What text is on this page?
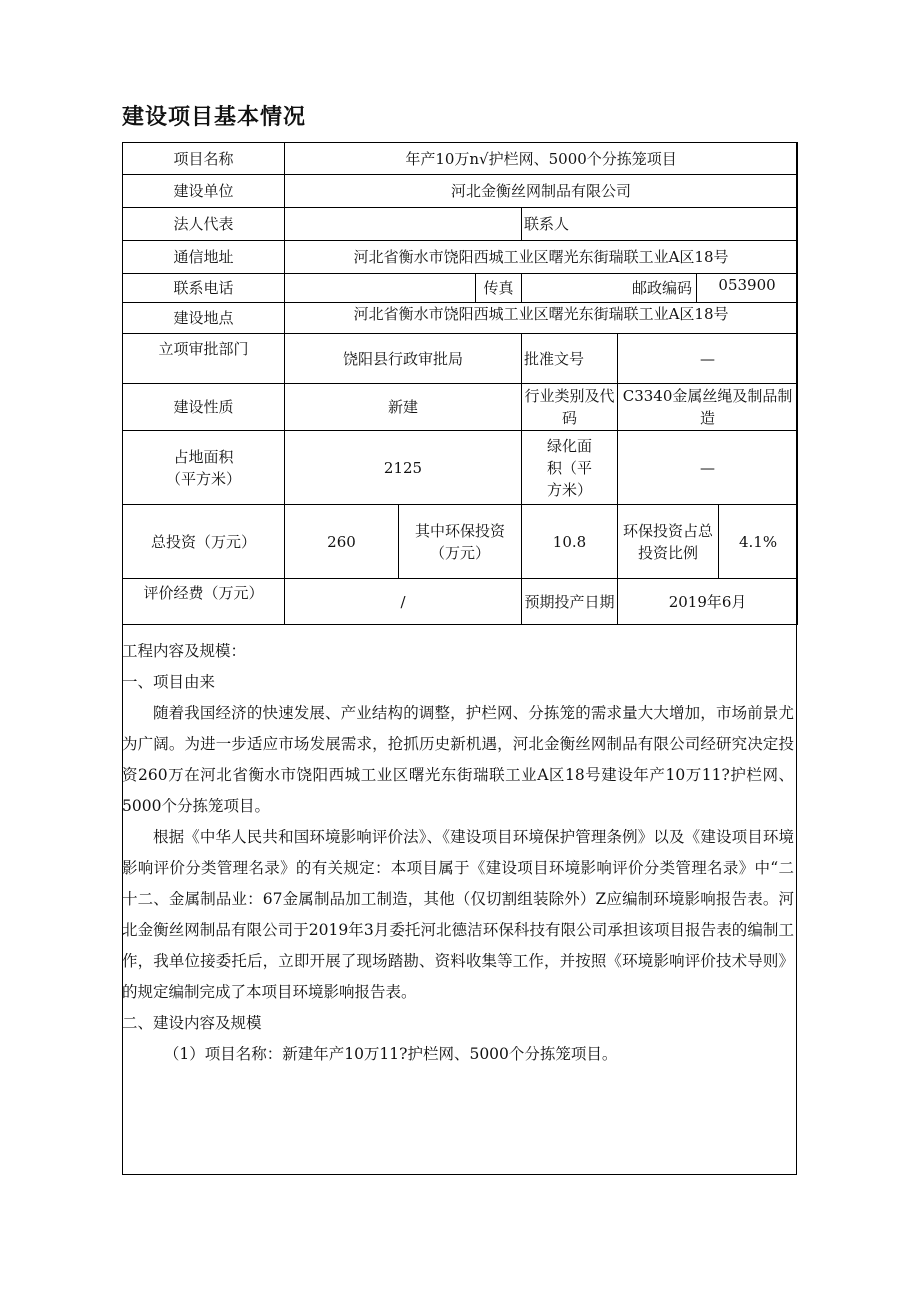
建设项目基本情况
项目名称	年产10万n√护栏网、5000个分拣笼项目						
建设单位	河北金衡丝网制品有限公司						
法人代表				联系人			
通信地址	河北省衡水市饶阳西城工业区曙光东街瑞联工业A区18号						
联系电话			传真	邮政编码		053900	
建设地点	河北省衡水市饶阳西城工业区曙光东街瑞联工业A区18号						
立项审批部门	饶阳县行政审批局			批准文号	—		
建设性质	新建			行业类别及代码	C3340金属丝绳及制品制造		

占地面积
（平方米）	2125			绿化面积（平方米）	—		
总投资（万元）	260	其中环保投资（万元）		10.8	环保投资占总投资比例		4.1%
评价经费（万元）	/			预期投产日期	2019年6月		

工程内容及规模：

一、项目由来

随着我国经济的快速发展、产业结构的调整，护栏网、分拣笼的需求量大大增加，市场前景尤为广阔。为进一步适应市场发展需求，抢抓历史新机遇，河北金衡丝网制品有限公司经研究决定投资260万在河北省衡水市饶阳西城工业区曙光东街瑞联工业A区18号建设年产10万11?护栏网、5000个分拣笼项目。

根据《中华人民共和国环境影响评价法》、《建设项目环境保护管理条例》以及《建设项目环境影响评价分类管理名录》的有关规定：本项目属于《建设项目环境影响评价分类管理名录》中“二十二、金属制品业：67金属制品加工制造，其他（仅切割组装除外）Z应编制环境影响报告表。河北金衡丝网制品有限公司于2019年3月委托河北德洁环保科技有限公司承担该项目报告表的编制工作，我单位接委托后，立即开展了现场踏勘、资料收集等工作，并按照《环境影响评价技术导则》的规定编制完成了本项目环境影响报告表。

二、建设内容及规模

（1）项目名称：新建年产10万11?护栏网、5000个分拣笼项目。
